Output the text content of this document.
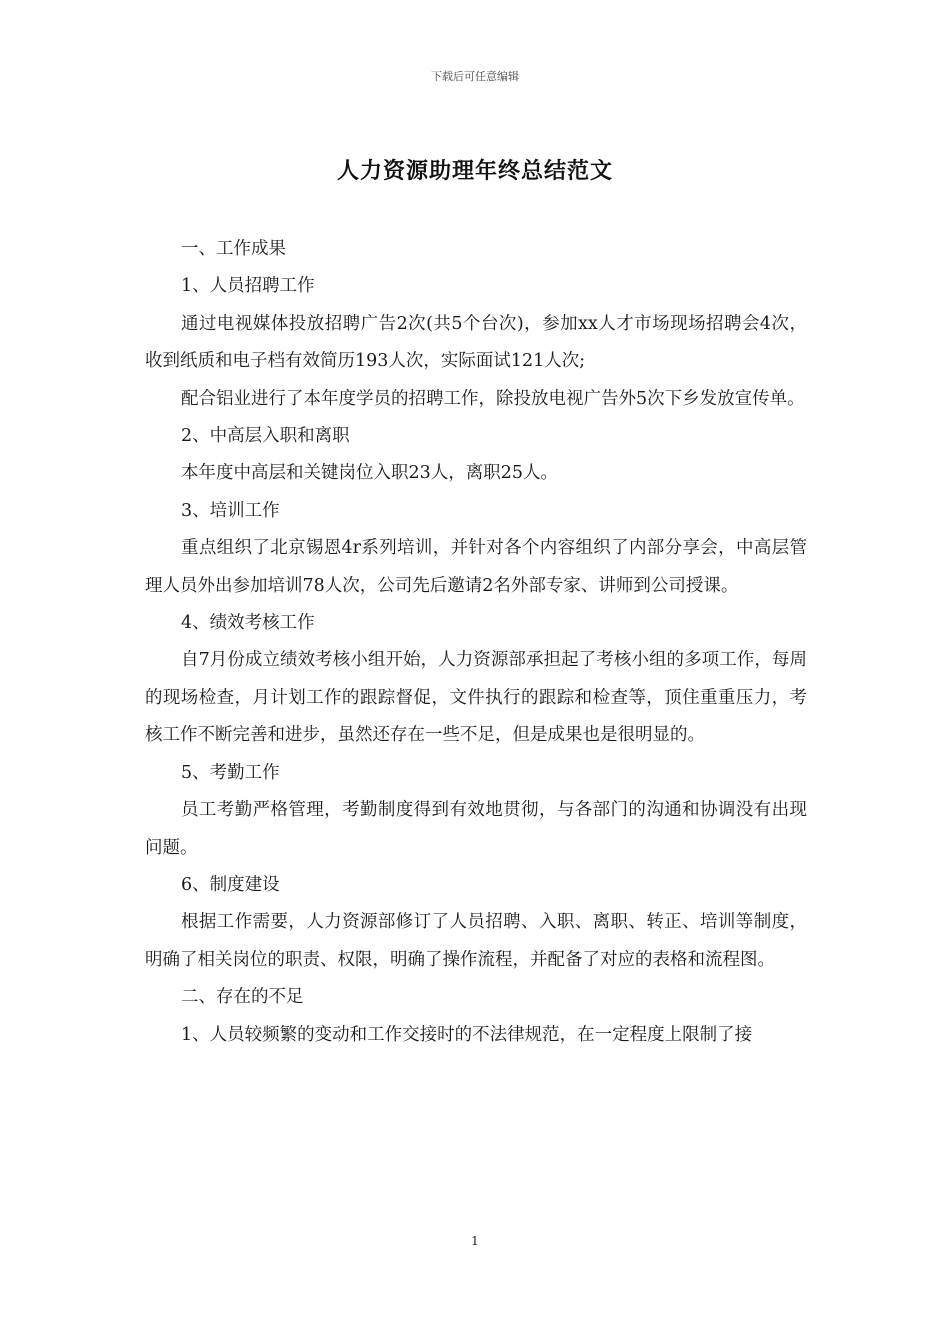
下载后可任意编辑
人力资源助理年终总结范文

一、工作成果

1、人员招聘工作

通过电视媒体投放招聘广告2次(共5个台次)，参加xx人才市场现场招聘会4次，收到纸质和电子档有效简历193人次，实际面试121人次;

配合铝业进行了本年度学员的招聘工作，除投放电视广告外5次下乡发放宣传单。

2、中高层入职和离职

本年度中高层和关键岗位入职23人，离职25人。

3、培训工作

重点组织了北京锡恩4r系列培训，并针对各个内容组织了内部分享会，中高层管理人员外出参加培训78人次，公司先后邀请2名外部专家、讲师到公司授课。

4、绩效考核工作

自7月份成立绩效考核小组开始，人力资源部承担起了考核小组的多项工作，每周的现场检查，月计划工作的跟踪督促，文件执行的跟踪和检查等，顶住重重压力，考核工作不断完善和进步，虽然还存在一些不足，但是成果也是很明显的。

5、考勤工作

员工考勤严格管理，考勤制度得到有效地贯彻，与各部门的沟通和协调没有出现问题。

6、制度建设

根据工作需要，人力资源部修订了人员招聘、入职、离职、转正、培训等制度，明确了相关岗位的职责、权限，明确了操作流程，并配备了对应的表格和流程图。

二、存在的不足

1、人员较频繁的变动和工作交接时的不法律规范，在一定程度上限制了接

1
